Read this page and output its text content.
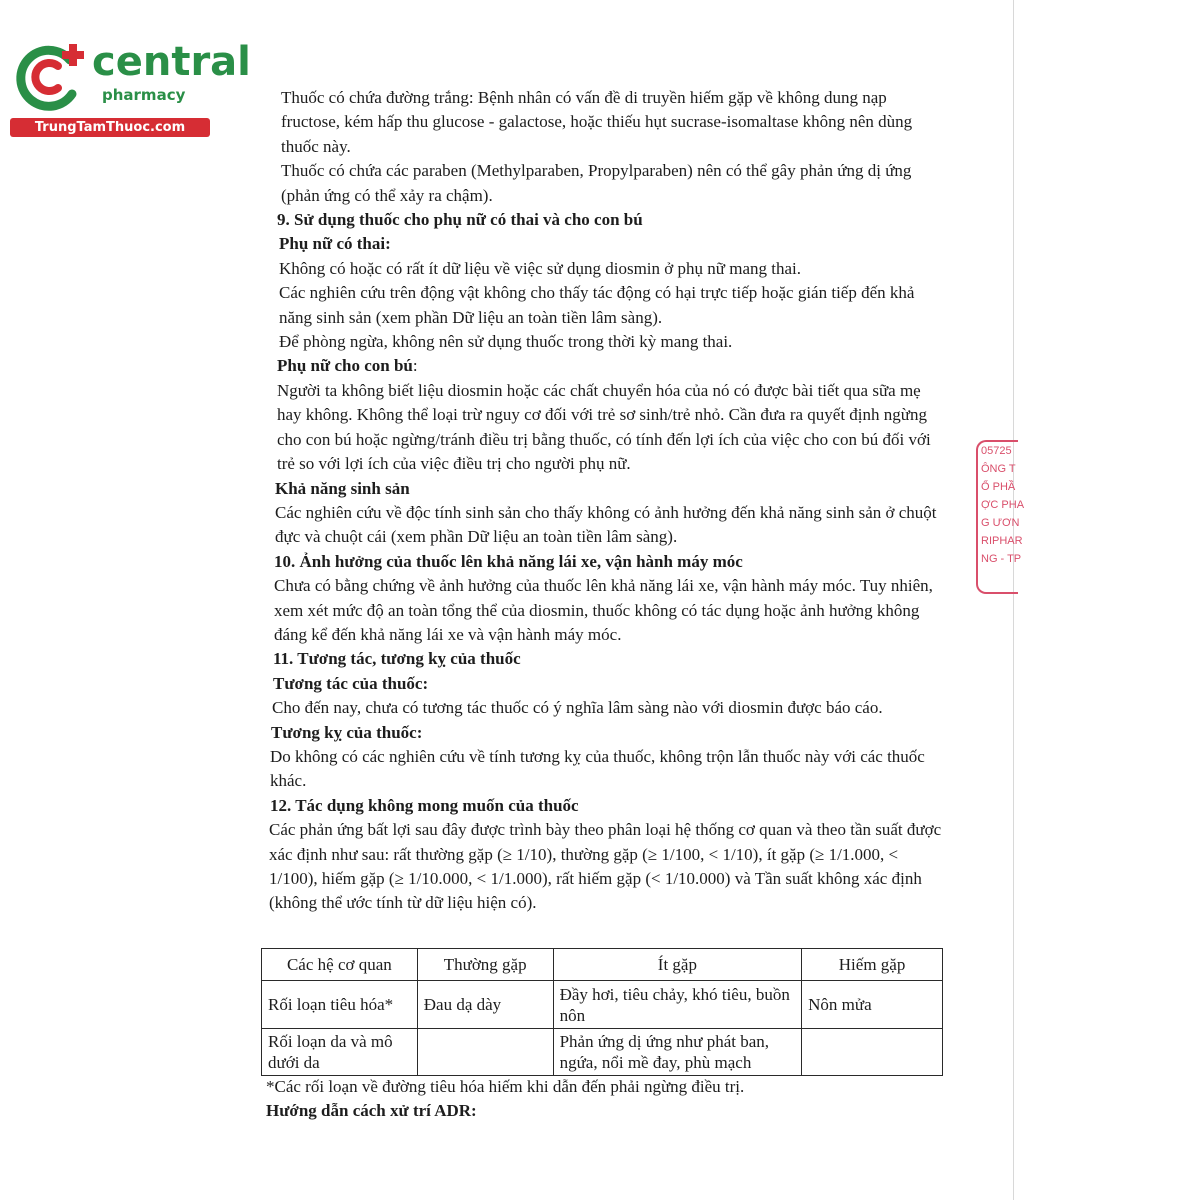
central
pharmacy
TrungTamThuoc.com
05725
ÔNG T
Ổ PHẦ
ỢC PHA
G ƯƠN
RIPHAR
NG - TP

Thuốc có chứa đường trắng: Bệnh nhân có vấn đề di truyền hiếm gặp về không dung nạp fructose, kém hấp thu glucose - galactose, hoặc thiếu hụt sucrase-isomaltase không nên dùng thuốc này.

Thuốc có chứa các paraben (Methylparaben, Propylparaben) nên có thể gây phản ứng dị ứng (phản ứng có thể xảy ra chậm).

9. Sử dụng thuốc cho phụ nữ có thai và cho con bú

Phụ nữ có thai:

Không có hoặc có rất ít dữ liệu về việc sử dụng diosmin ở phụ nữ mang thai.

Các nghiên cứu trên động vật không cho thấy tác động có hại trực tiếp hoặc gián tiếp đến khả năng sinh sản (xem phần Dữ liệu an toàn tiền lâm sàng).

Để phòng ngừa, không nên sử dụng thuốc trong thời kỳ mang thai.

Phụ nữ cho con bú:

Người ta không biết liệu diosmin hoặc các chất chuyển hóa của nó có được bài tiết qua sữa mẹ hay không. Không thể loại trừ nguy cơ đối với trẻ sơ sinh/trẻ nhỏ. Cần đưa ra quyết định ngừng cho con bú hoặc ngừng/tránh điều trị bằng thuốc, có tính đến lợi ích của việc cho con bú đối với trẻ so với lợi ích của việc điều trị cho người phụ nữ.

Khả năng sinh sản

Các nghiên cứu về độc tính sinh sản cho thấy không có ảnh hưởng đến khả năng sinh sản ở chuột đực và chuột cái (xem phần Dữ liệu an toàn tiền lâm sàng).

10. Ảnh hưởng của thuốc lên khả năng lái xe, vận hành máy móc

Chưa có bằng chứng về ảnh hưởng của thuốc lên khả năng lái xe, vận hành máy móc. Tuy nhiên, xem xét mức độ an toàn tổng thể của diosmin, thuốc không có tác dụng hoặc ảnh hưởng không đáng kể đến khả năng lái xe và vận hành máy móc.

11. Tương tác, tương kỵ của thuốc

Tương tác của thuốc:

Cho đến nay, chưa có tương tác thuốc có ý nghĩa lâm sàng nào với diosmin được báo cáo.

Tương kỵ của thuốc:

Do không có các nghiên cứu về tính tương kỵ của thuốc, không trộn lẫn thuốc này với các thuốc khác.

12. Tác dụng không mong muốn của thuốc

Các phản ứng bất lợi sau đây được trình bày theo phân loại hệ thống cơ quan và theo tần suất được xác định như sau: rất thường gặp (≥ 1/10), thường gặp (≥ 1/100, < 1/10), ít gặp (≥ 1/1.000, < 1/100), hiếm gặp (≥ 1/10.000, < 1/1.000), rất hiếm gặp (< 1/10.000) và Tần suất không xác định (không thể ước tính từ dữ liệu hiện có).

Các hệ cơ quan	Thường gặp	Ít gặp	Hiếm gặp
Rối loạn tiêu hóa*	Đau dạ dày	Đầy hơi, tiêu chảy, khó tiêu, buồn nôn	Nôn mửa
Rối loạn da và mô dưới da		Phản ứng dị ứng như phát ban, ngứa, nổi mề đay, phù mạch	

*Các rối loạn về đường tiêu hóa hiếm khi dẫn đến phải ngừng điều trị.

Hướng dẫn cách xử trí ADR:
